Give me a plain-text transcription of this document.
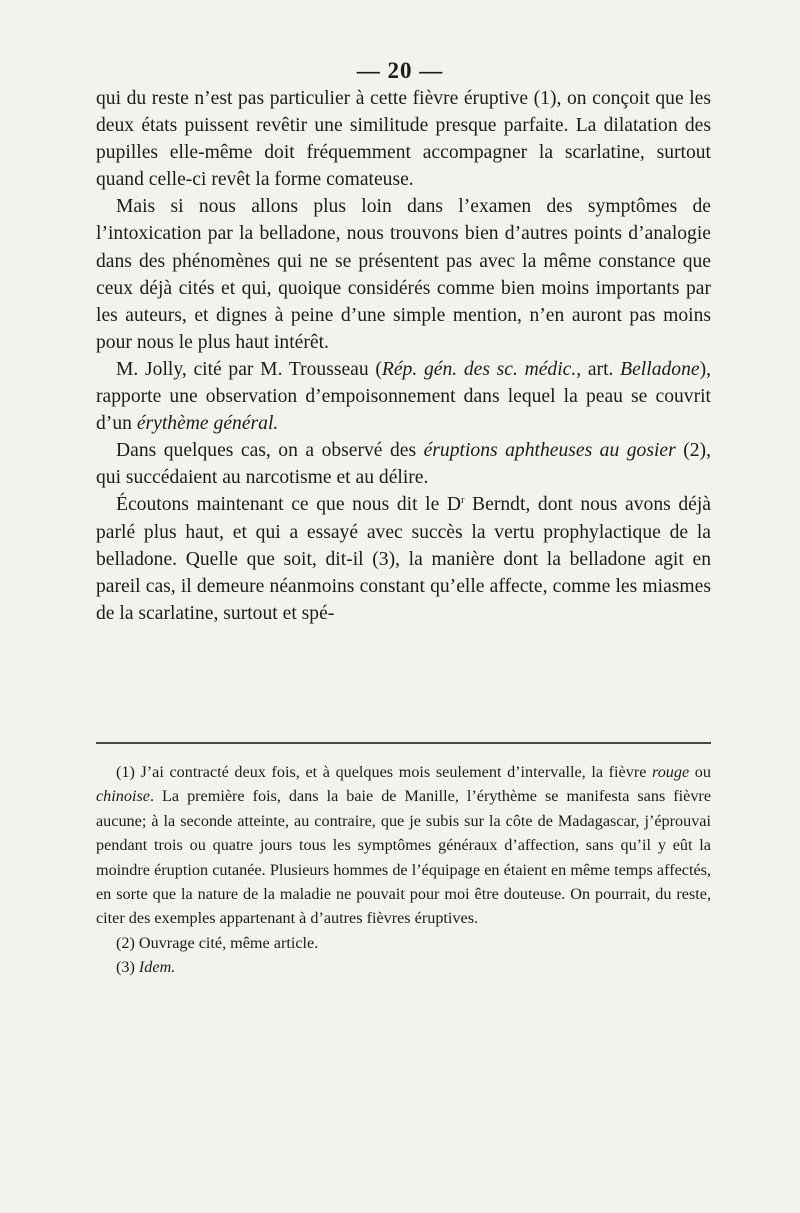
— 20 —

qui du reste n’est pas particulier à cette fièvre éruptive (1), on conçoit que les deux états puissent revêtir une similitude presque parfaite. La dilatation des pupilles elle-même doit fréquemment accompagner la scarlatine, surtout quand celle-ci revêt la forme comateuse.

Mais si nous allons plus loin dans l’examen des symptômes de l’intoxication par la belladone, nous trouvons bien d’autres points d’analogie dans des phénomènes qui ne se présentent pas avec la même constance que ceux déjà cités et qui, quoique considérés comme bien moins importants par les auteurs, et dignes à peine d’une simple mention, n’en auront pas moins pour nous le plus haut intérêt.

M. Jolly, cité par M. Trousseau (Rép. gén. des sc. médic., art. Belladone), rapporte une observation d’empoisonnement dans lequel la peau se couvrit d’un érythème général.

Dans quelques cas, on a observé des éruptions aphtheuses au gosier (2), qui succédaient au narcotisme et au délire.

Écoutons maintenant ce que nous dit le $D^r$ Berndt, dont nous avons déjà parlé plus haut, et qui a essayé avec succès la vertu prophylactique de la belladone. Quelle que soit, dit-il (3), la manière dont la belladone agit en pareil cas, il demeure néanmoins constant qu’elle affecte, comme les miasmes de la scarlatine, surtout et spé-

(1) J’ai contracté deux fois, et à quelques mois seulement d’intervalle, la fièvre rouge ou chinoise. La première fois, dans la baie de Manille, l’érythème se manifesta sans fièvre aucune; à la seconde atteinte, au contraire, que je subis sur la côte de Madagascar, j’éprouvai pendant trois ou quatre jours tous les symptômes généraux d’affection, sans qu’il y eût la moindre éruption cutanée. Plusieurs hommes de l’équipage en étaient en même temps affectés, en sorte que la nature de la maladie ne pouvait pour moi être douteuse. On pourrait, du reste, citer des exemples appartenant à d’autres fièvres éruptives.

(2) Ouvrage cité, même article.

(3) Idem.
